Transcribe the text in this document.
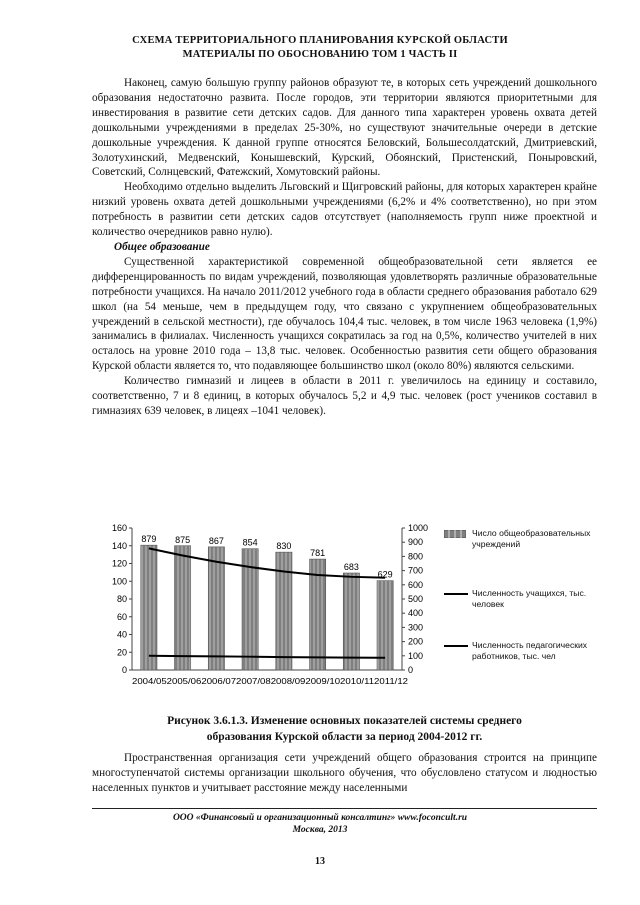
СХЕМА ТЕРРИТОРИАЛЬНОГО ПЛАНИРОВАНИЯ КУРСКОЙ ОБЛАСТИ
МАТЕРИАЛЫ ПО ОБОСНОВАНИЮ ТОМ 1 ЧАСТЬ II

Наконец, самую большую группу районов образуют те, в которых сеть учреждений дошкольного образования недостаточно развита. После городов, эти территории являются приоритетными для инвестирования в развитие сети детских садов. Для данного типа характерен уровень охвата детей дошкольными учреждениями в пределах 25-30%, но существуют значительные очереди в детские дошкольные учреждения. К данной группе относятся Беловский, Большесолдатский, Дмитриевский, Золотухинский, Медвенский, Конышевский, Курский, Обоянский, Пристенский, Поныровский, Советский, Солнцевский, Фатежский, Хомутовский районы.

Необходимо отдельно выделить Льговский и Щигровский районы, для которых характерен крайне низкий уровень охвата детей дошкольными учреждениями (6,2% и 4% соответственно), но при этом потребность в развитии сети детских садов отсутствует (наполняемость групп ниже проектной и количество очередников равно нулю).

Общее образование

Существенной характеристикой современной общеобразовательной сети является ее дифференцированность по видам учреждений, позволяющая удовлетворять различные образовательные потребности учащихся. На начало 2011/2012 учебного года в области среднего образования работало 629 школ (на 54 меньше, чем в предыдущем году, что связано с укрупнением общеобразовательных учреждений в сельской местности), где обучалось 104,4 тыс. человек, в том числе 1963 человека (1,9%) занимались в филиалах. Численность учащихся сократилась за год на 0,5%, количество учителей в них осталось на уровне 2010 года – 13,8 тыс. человек. Особенностью развития сети общего образования Курской области является то, что подавляющее большинство школ (около 80%) являются сельскими.

Количество гимназий и лицеев в области в 2011 г. увеличилось на единицу и составило, соответственно, 7 и 8 единиц, в которых обучалось 5,2 и 4,9 тыс. человек (рост учеников составил в гимназиях 639 человек, в лицеях –1041 человек).

0
20
40
60
80
100
120
140
160
0
100
200
300
400
500
600
700
800
900
1000
879 875 867 854 830
781
683
629
2004/052005/062006/072007/082008/092009/102010/112011/12
Число общеобразовательных учреждений
Численность учащихся, тыс. человек
Численность педагогических работников, тыс. чел
Рисунок 3.6.1.3. Изменение основных показателей системы среднего
образования Курской области за период 2004-2012 гг.

Пространственная организация сети учреждений общего образования строится на принципе многоступенчатой системы организации школьного обучения, что обусловлено статусом и людностью населенных пунктов и учитывает расстояние между населенными

ООО «Финансовый и организационный консалтинг» www.foconcult.ru
Москва, 2013
13
